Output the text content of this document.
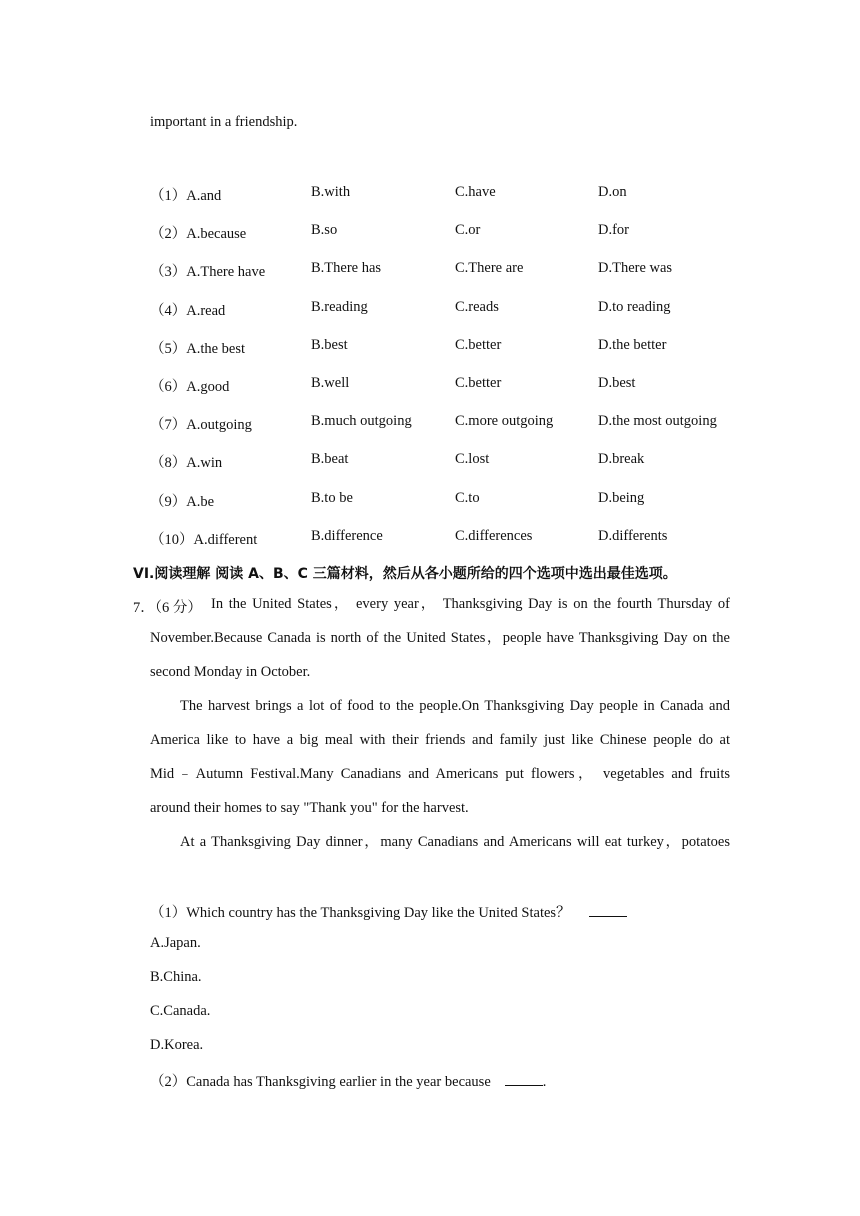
important in a friendship.
（1）A.and	B.with	C.have	D.on
（2）A.because	B.so	C.or	D.for
（3）A.There have	B.There has	C.There are	D.There was
（4）A.read	B.reading	C.reads	D.to reading
（5）A.the best	B.best	C.better	D.the better
（6）A.good	B.well	C.better	D.best
（7）A.outgoing	B.much outgoing	C.more outgoing	D.the most outgoing
（8）A.win	B.beat	C.lost	D.break
（9）A.be	B.to be	C.to	D.being
（10）A.different	B.difference	C.differences	D.differents
VI.阅读理解 阅读 A、B、C 三篇材料，然后从各小题所给的四个选项中选出最佳选项。
7．（6 分） In the United States， every year， Thanksgiving Day is on the fourth Thursday of
November.Because Canada is north of the United States，people have Thanksgiving Day on the
second Monday in October.
The harvest brings a lot of food to the people.On Thanksgiving Day people in Canada and
America like to have a big meal with their friends and family just like Chinese people do at
Mid﹣Autumn Festival.Many Canadians and Americans put flowers， vegetables and fruits
around their homes to say "Thank you" for the harvest.
At a Thanksgiving Day dinner，many Canadians and Americans will eat turkey，potatoes
（1）Which country has the Thanksgiving Day like the United States？
A.Japan.
B.China.
C.Canada.
D.Korea.
（2）Canada has Thanksgiving earlier in the year because	.
